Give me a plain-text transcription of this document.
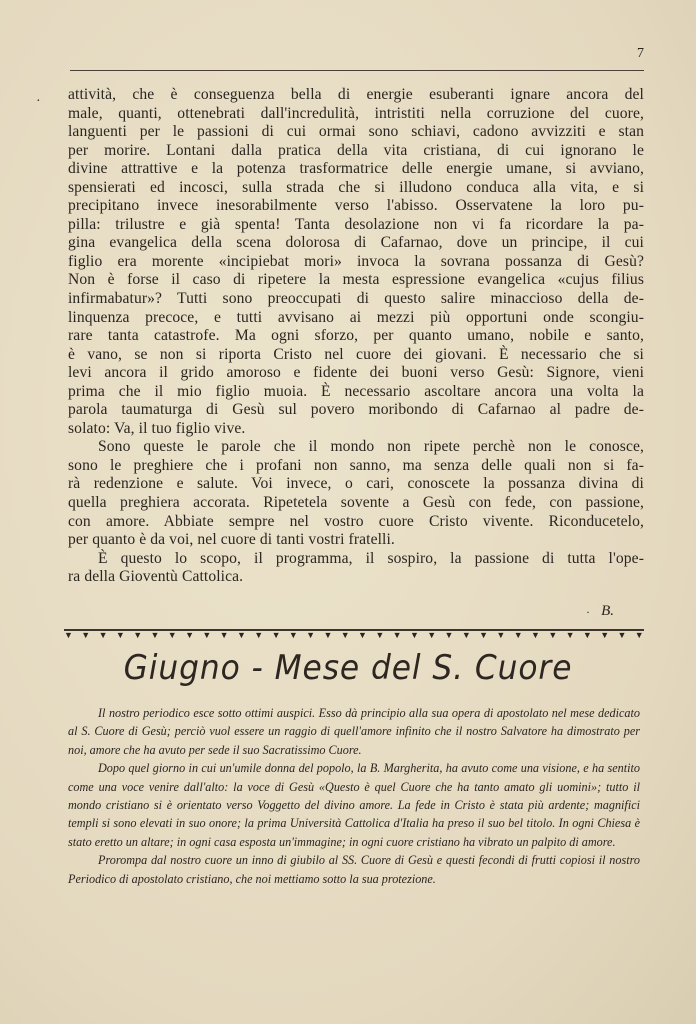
7
· attività, che è conseguenza bella di energie esuberanti ignare ancora del

male, quanti, ottenebrati dall'incredulità, intristiti nella corruzione del cuore,

languenti per le passioni di cui ormai sono schiavi, cadono avvizziti e stan

per morire. Lontani dalla pratica della vita cristiana, di cui ignorano le

divine attrattive e la potenza trasformatrice delle energie umane, si avviano,

spensierati ed incosci, sulla strada che si illudono conduca alla vita, e si

precipitano invece inesorabilmente verso l'abisso. Osservatene la loro pu-

pilla: trilustre e già spenta! Tanta desolazione non vi fa ricordare la pa-

gina evangelica della scena dolorosa di Cafarnao, dove un principe, il cui

figlio era morente «incipiebat mori» invoca la sovrana possanza di Gesù?

Non è forse il caso di ripetere la mesta espressione evangelica «cujus filius

infirmabatur»? Tutti sono preoccupati di questo salire minaccioso della de-

linquenza precoce, e tutti avvisano ai mezzi più opportuni onde scongiu-

rare tanta catastrofe. Ma ogni sforzo, per quanto umano, nobile e santo,

è vano, se non si riporta Cristo nel cuore dei giovani. È necessario che si

levi ancora il grido amoroso e fidente dei buoni verso Gesù: Signore, vieni

prima che il mio figlio muoia. È necessario ascoltare ancora una volta la

parola taumaturga di Gesù sul povero moribondo di Cafarnao al padre de-

solato: Va, il tuo figlio vive.

Sono queste le parole che il mondo non ripete perchè non le conosce,

sono le preghiere che i profani non sanno, ma senza delle quali non si fa-

rà redenzione e salute. Voi invece, o cari, conoscete la possanza divina di

quella preghiera accorata. Ripetetela sovente a Gesù con fede, con passione,

con amore. Abbiate sempre nel vostro cuore Cristo vivente. Riconducetelo,

per quanto è da voi, nel cuore di tanti vostri fratelli.

È questo lo scopo, il programma, il sospiro, la passione di tutta l'ope-

ra della Gioventù Cattolica.

· B.
▼ ▼ ▼ ▼ ▼ ▼ ▼ ▼ ▼ ▼ ▼ ▼ ▼ ▼ ▼ ▼ ▼ ▼ ▼ ▼ ▼ ▼ ▼ ▼ ▼ ▼ ▼ ▼ ▼ ▼ ▼ ▼ ▼ ▼
Giugno - Mese del S. Cuore

Il nostro periodico esce sotto ottimi auspici. Esso dà principio alla sua opera di apostolato nel mese dedicato al S. Cuore di Gesù; perciò vuol essere un raggio di quell'amore infinito che il nostro Salvatore ha dimostrato per noi, amore che ha avuto per sede il suo Sacratissimo Cuore.

Dopo quel giorno in cui un'umile donna del popolo, la B. Margherita, ha avuto come una visione, e ha sentito come una voce venire dall'alto: la voce di Gesù «Questo è quel Cuore che ha tanto amato gli uomini»; tutto il mondo cristiano si è orientato verso Voggetto del divino amore. La fede in Cristo è stata più ardente; magnifici templi si sono elevati in suo onore; la prima Università Cattolica d'Italia ha preso il suo bel titolo. In ogni Chiesa è stato eretto un altare; in ogni casa esposta un'immagine; in ogni cuore cristiano ha vibrato un palpito di amore.

Prorompa dal nostro cuore un inno di giubilo al SS. Cuore di Gesù e questi fecondi di frutti copiosi il nostro Periodico di apostolato cristiano, che noi mettiamo sotto la sua protezione.
